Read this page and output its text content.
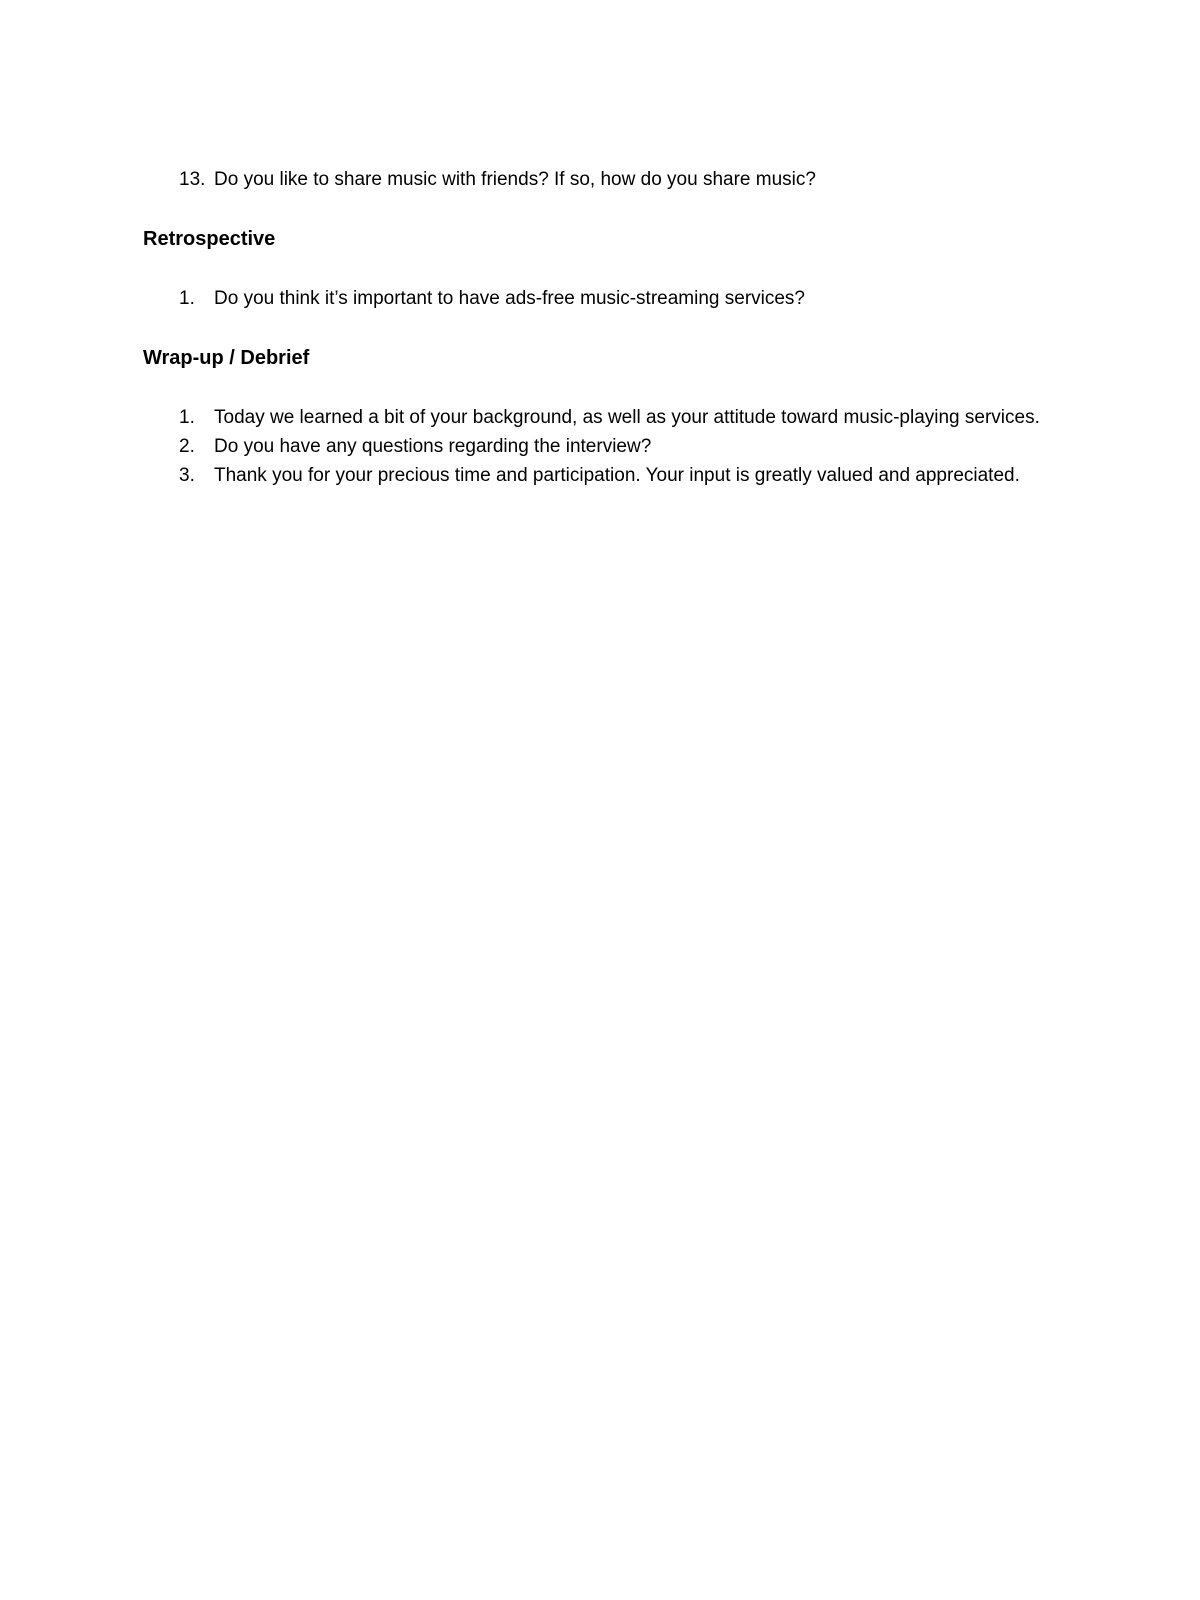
13. Do you like to share music with friends? If so, how do you share music?
Retrospective
1. Do you think it’s important to have ads-free music-streaming services?
Wrap-up / Debrief
1. Today we learned a bit of your background, as well as your attitude toward music-playing services.
2. Do you have any questions regarding the interview?
3. Thank you for your precious time and participation. Your input is greatly valued and appreciated.
